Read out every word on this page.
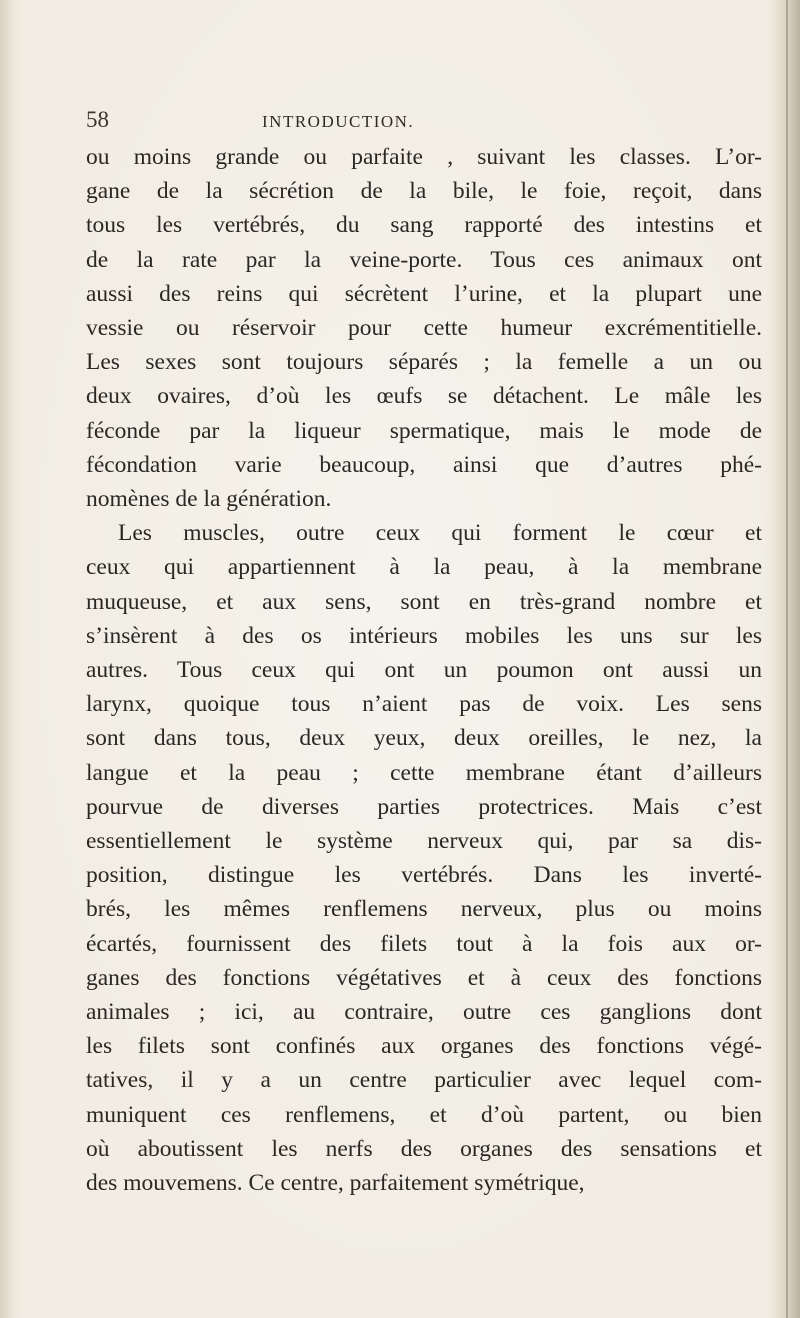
58	INTRODUCTION.

ou moins grande ou parfaite , suivant les classes. L’or-

gane de la sécrétion de la bile, le foie, reçoit, dans

tous les vertébrés, du sang rapporté des intestins et

de la rate par la veine-porte. Tous ces animaux ont

aussi des reins qui sécrètent l’urine, et la plupart une

vessie ou réservoir pour cette humeur excrémentitielle.

Les sexes sont toujours séparés ; la femelle a un ou

deux ovaires, d’où les œufs se détachent. Le mâle les

féconde par la liqueur spermatique, mais le mode de

fécondation varie beaucoup, ainsi que d’autres phé-

nomènes de la génération.

Les muscles, outre ceux qui forment le cœur et

ceux qui appartiennent à la peau, à la membrane

muqueuse, et aux sens, sont en très-grand nombre et

s’insèrent à des os intérieurs mobiles les uns sur les

autres. Tous ceux qui ont un poumon ont aussi un

larynx, quoique tous n’aient pas de voix. Les sens

sont dans tous, deux yeux, deux oreilles, le nez, la

langue et la peau ; cette membrane étant d’ailleurs

pourvue de diverses parties protectrices. Mais c’est

essentiellement le système nerveux qui, par sa dis-

position, distingue les vertébrés. Dans les inverté-

brés, les mêmes renflemens nerveux, plus ou moins

écartés, fournissent des filets tout à la fois aux or-

ganes des fonctions végétatives et à ceux des fonctions

animales ; ici, au contraire, outre ces ganglions dont

les filets sont confinés aux organes des fonctions végé-

tatives, il y a un centre particulier avec lequel com-

muniquent ces renflemens, et d’où partent, ou bien

où aboutissent les nerfs des organes des sensations et

des mouvemens. Ce centre, parfaitement symétrique,
